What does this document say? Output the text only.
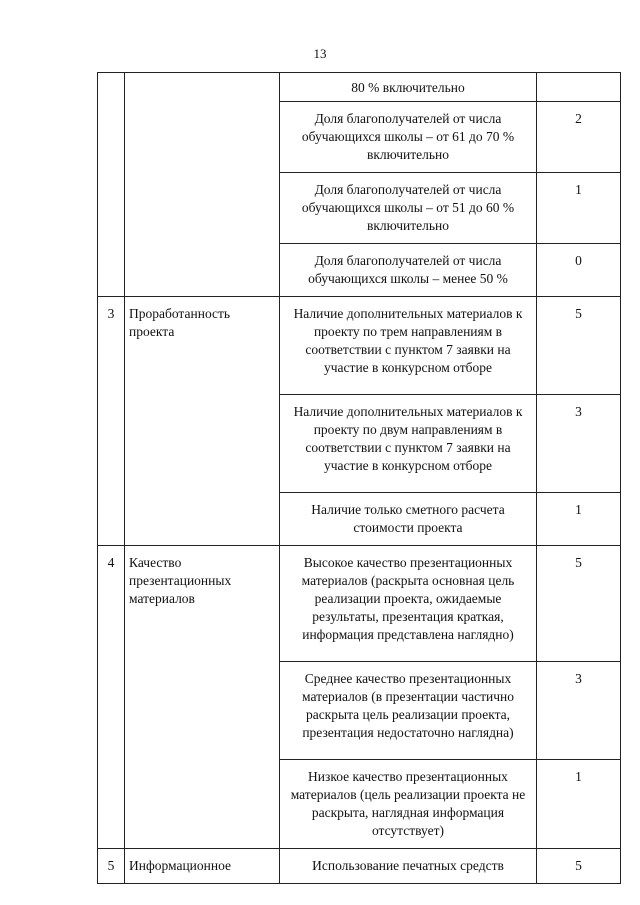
13
		80 % включительно	
		Доля благополучателей от числа обучающихся школы – от 61 до 70 % включительно	2
		Доля благополучателей от числа обучающихся школы – от 51 до 60 % включительно	1
		Доля благополучателей от числа обучающихся школы – менее 50 %	0
3	Проработанность проекта	Наличие дополнительных материалов к проекту по трем направлениям в соответствии с пунктом 7 заявки на участие в конкурсном отборе	5
		Наличие дополнительных материалов к проекту по двум направлениям в соответствии с пунктом 7 заявки на участие в конкурсном отборе	3
		Наличие только сметного расчета стоимости проекта	1
4	Качество презентационных материалов	Высокое качество презентационных материалов (раскрыта основная цель реализации проекта, ожидаемые результаты, презентация краткая, информация представлена наглядно)	5
		Среднее качество презентационных материалов (в презентации частично раскрыта цель реализации проекта, презентация недостаточно наглядна)	3
		Низкое качество презентационных материалов (цель реализации проекта не раскрыта, наглядная информация отсутствует)	1
5	Информационное	Использование печатных средств	5
